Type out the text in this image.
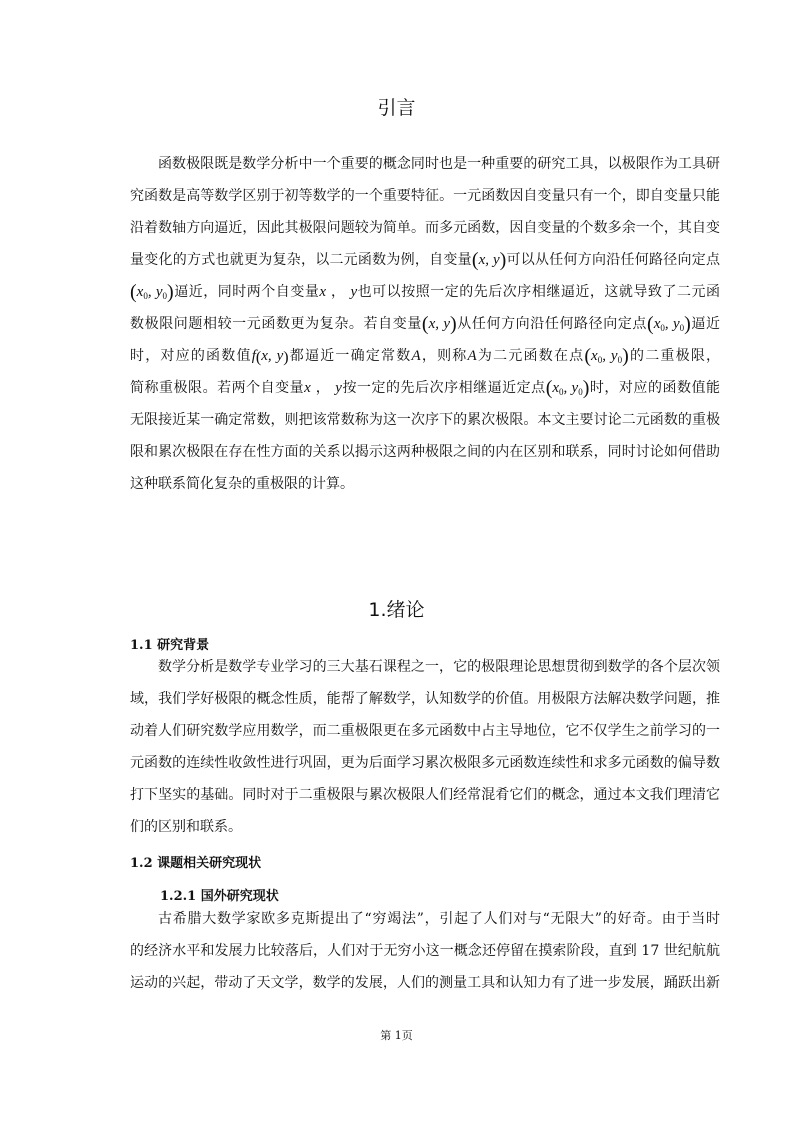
引言
函数极限既是数学分析中一个重要的概念同时也是一种重要的研究工具，以极限作为工具研
究函数是高等数学区别于初等数学的一个重要特征。一元函数因自变量只有一个，即自变量只能
沿着数轴方向逼近，因此其极限问题较为简单。而多元函数，因自变量的个数多余一个，其自变
量变化的方式也就更为复杂，以二元函数为例，自变量(x, y)可以从任何方向沿任何路径向定点
($x_0$, $y_0$)逼近，同时两个自变量x ， y也可以按照一定的先后次序相继逼近，这就导致了二元函
数极限问题相较一元函数更为复杂。若自变量(x, y)从任何方向沿任何路径向定点($x_0$, $y_0$)逼近
时，对应的函数值f(x, y)都逼近一确定常数A，则称A为二元函数在点($x_0$, $y_0$)的二重极限，
简称重极限。若两个自变量x ， y按一定的先后次序相继逼近定点($x_0$, $y_0$)时，对应的函数值能
无限接近某一确定常数，则把该常数称为这一次序下的累次极限。本文主要讨论二元函数的重极
限和累次极限在存在性方面的关系以揭示这两种极限之间的内在区别和联系，同时讨论如何借助
这种联系简化复杂的重极限的计算。
1.绪论
1.1 研究背景
数学分析是数学专业学习的三大基石课程之一，它的极限理论思想贯彻到数学的各个层次领
域，我们学好极限的概念性质，能帮了解数学，认知数学的价值。用极限方法解决数学问题，推
动着人们研究数学应用数学，而二重极限更在多元函数中占主导地位，它不仅学生之前学习的一
元函数的连续性收敛性进行巩固，更为后面学习累次极限多元函数连续性和求多元函数的偏导数
打下坚实的基础。同时对于二重极限与累次极限人们经常混肴它们的概念，通过本文我们理清它
们的区别和联系。
1.2 课题相关研究现状
1.2.1 国外研究现状
古希腊大数学家欧多克斯提出了“穷竭法”，引起了人们对与“无限大”的好奇。由于当时
的经济水平和发展力比较落后，人们对于无穷小这一概念还停留在摸索阶段，直到 17 世纪航航
运动的兴起，带动了天文学，数学的发展，人们的测量工具和认知力有了进一步发展，踊跃出新
第 1页
